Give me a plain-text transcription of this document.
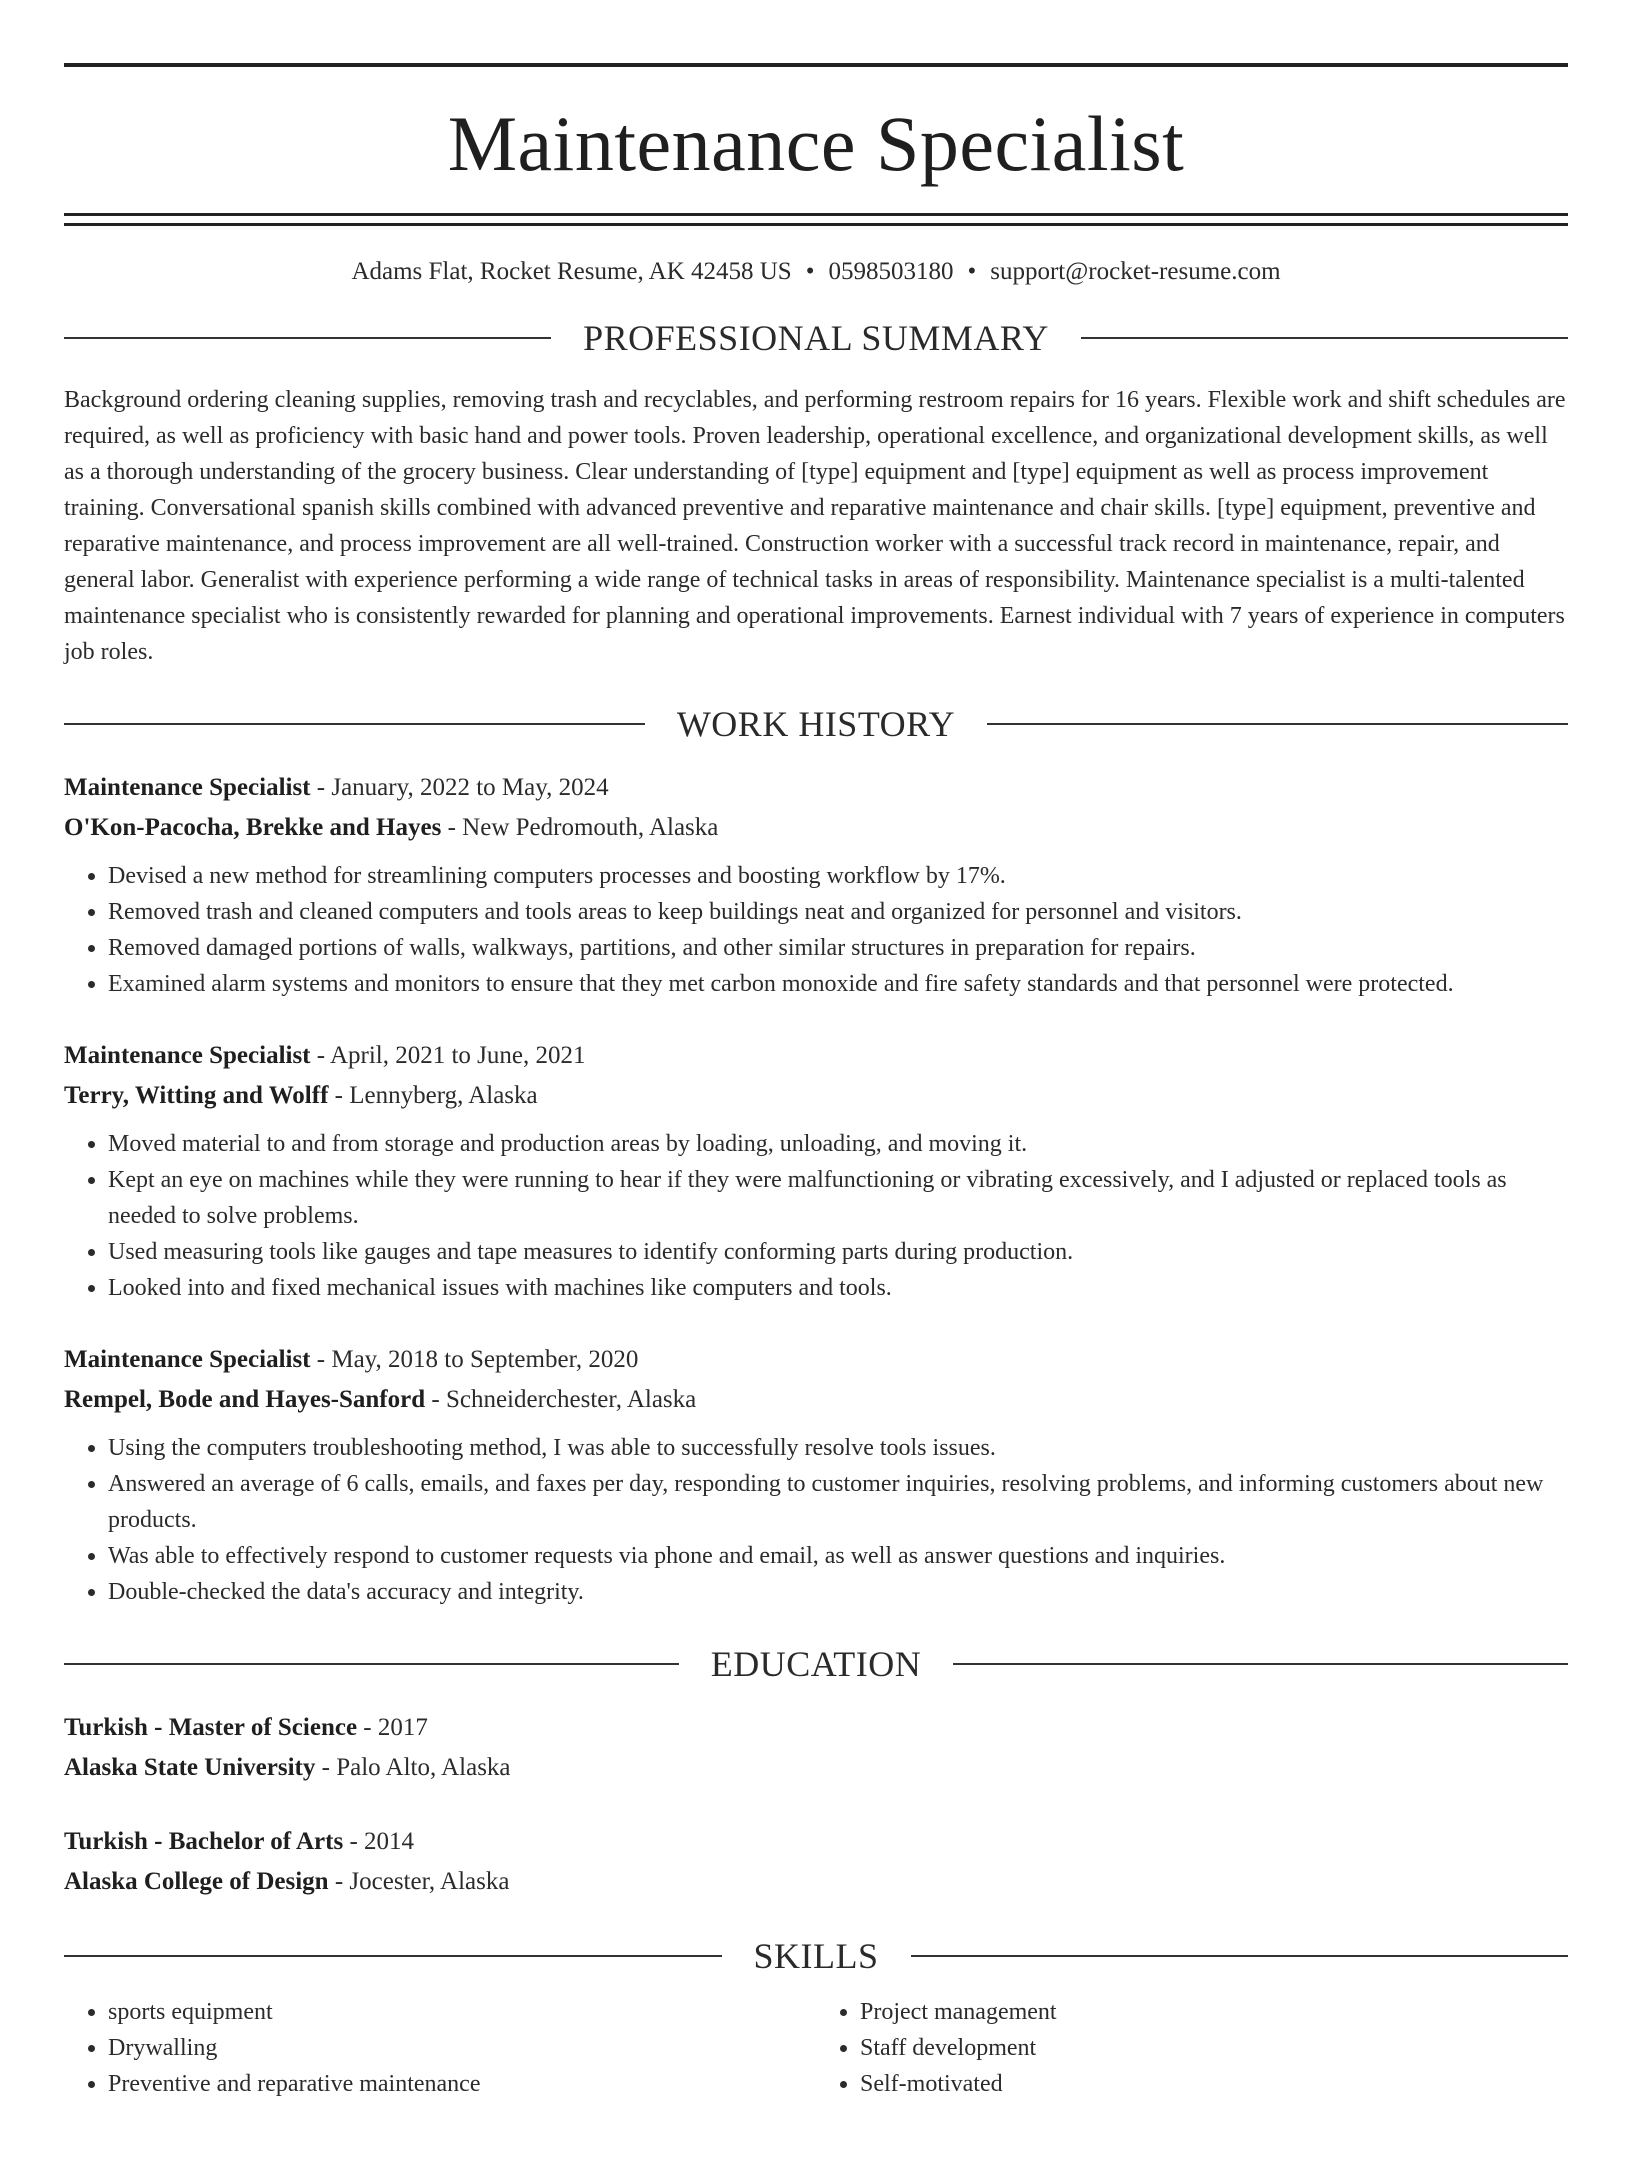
Maintenance Specialist
Adams Flat, Rocket Resume, AK 42458 US • 0598503180 • support@rocket-resume.com
PROFESSIONAL SUMMARY
Background ordering cleaning supplies, removing trash and recyclables, and performing restroom repairs for 16 years. Flexible work and shift schedules are required, as well as proficiency with basic hand and power tools. Proven leadership, operational excellence, and organizational development skills, as well as a thorough understanding of the grocery business. Clear understanding of [type] equipment and [type] equipment as well as process improvement training. Conversational spanish skills combined with advanced preventive and reparative maintenance and chair skills. [type] equipment, preventive and reparative maintenance, and process improvement are all well-trained. Construction worker with a successful track record in maintenance, repair, and general labor. Generalist with experience performing a wide range of technical tasks in areas of responsibility. Maintenance specialist is a multi-talented maintenance specialist who is consistently rewarded for planning and operational improvements. Earnest individual with 7 years of experience in computers job roles.
WORK HISTORY
Maintenance Specialist - January, 2022 to May, 2024
O'Kon-Pacocha, Brekke and Hayes - New Pedromouth, Alaska
• Devised a new method for streamlining computers processes and boosting workflow by 17%.
• Removed trash and cleaned computers and tools areas to keep buildings neat and organized for personnel and visitors.
• Removed damaged portions of walls, walkways, partitions, and other similar structures in preparation for repairs.
• Examined alarm systems and monitors to ensure that they met carbon monoxide and fire safety standards and that personnel were protected.
Maintenance Specialist - April, 2021 to June, 2021
Terry, Witting and Wolff - Lennyberg, Alaska
• Moved material to and from storage and production areas by loading, unloading, and moving it.
• Kept an eye on machines while they were running to hear if they were malfunctioning or vibrating excessively, and I adjusted or replaced tools as needed to solve problems.
• Used measuring tools like gauges and tape measures to identify conforming parts during production.
• Looked into and fixed mechanical issues with machines like computers and tools.
Maintenance Specialist - May, 2018 to September, 2020
Rempel, Bode and Hayes-Sanford - Schneiderchester, Alaska
• Using the computers troubleshooting method, I was able to successfully resolve tools issues.
• Answered an average of 6 calls, emails, and faxes per day, responding to customer inquiries, resolving problems, and informing customers about new products.
• Was able to effectively respond to customer requests via phone and email, as well as answer questions and inquiries.
• Double-checked the data's accuracy and integrity.
EDUCATION
Turkish - Master of Science - 2017
Alaska State University - Palo Alto, Alaska
Turkish - Bachelor of Arts - 2014
Alaska College of Design - Jocester, Alaska
SKILLS
• sports equipment
• Drywalling
• Preventive and reparative maintenance
• Project management
• Staff development
• Self-motivated
